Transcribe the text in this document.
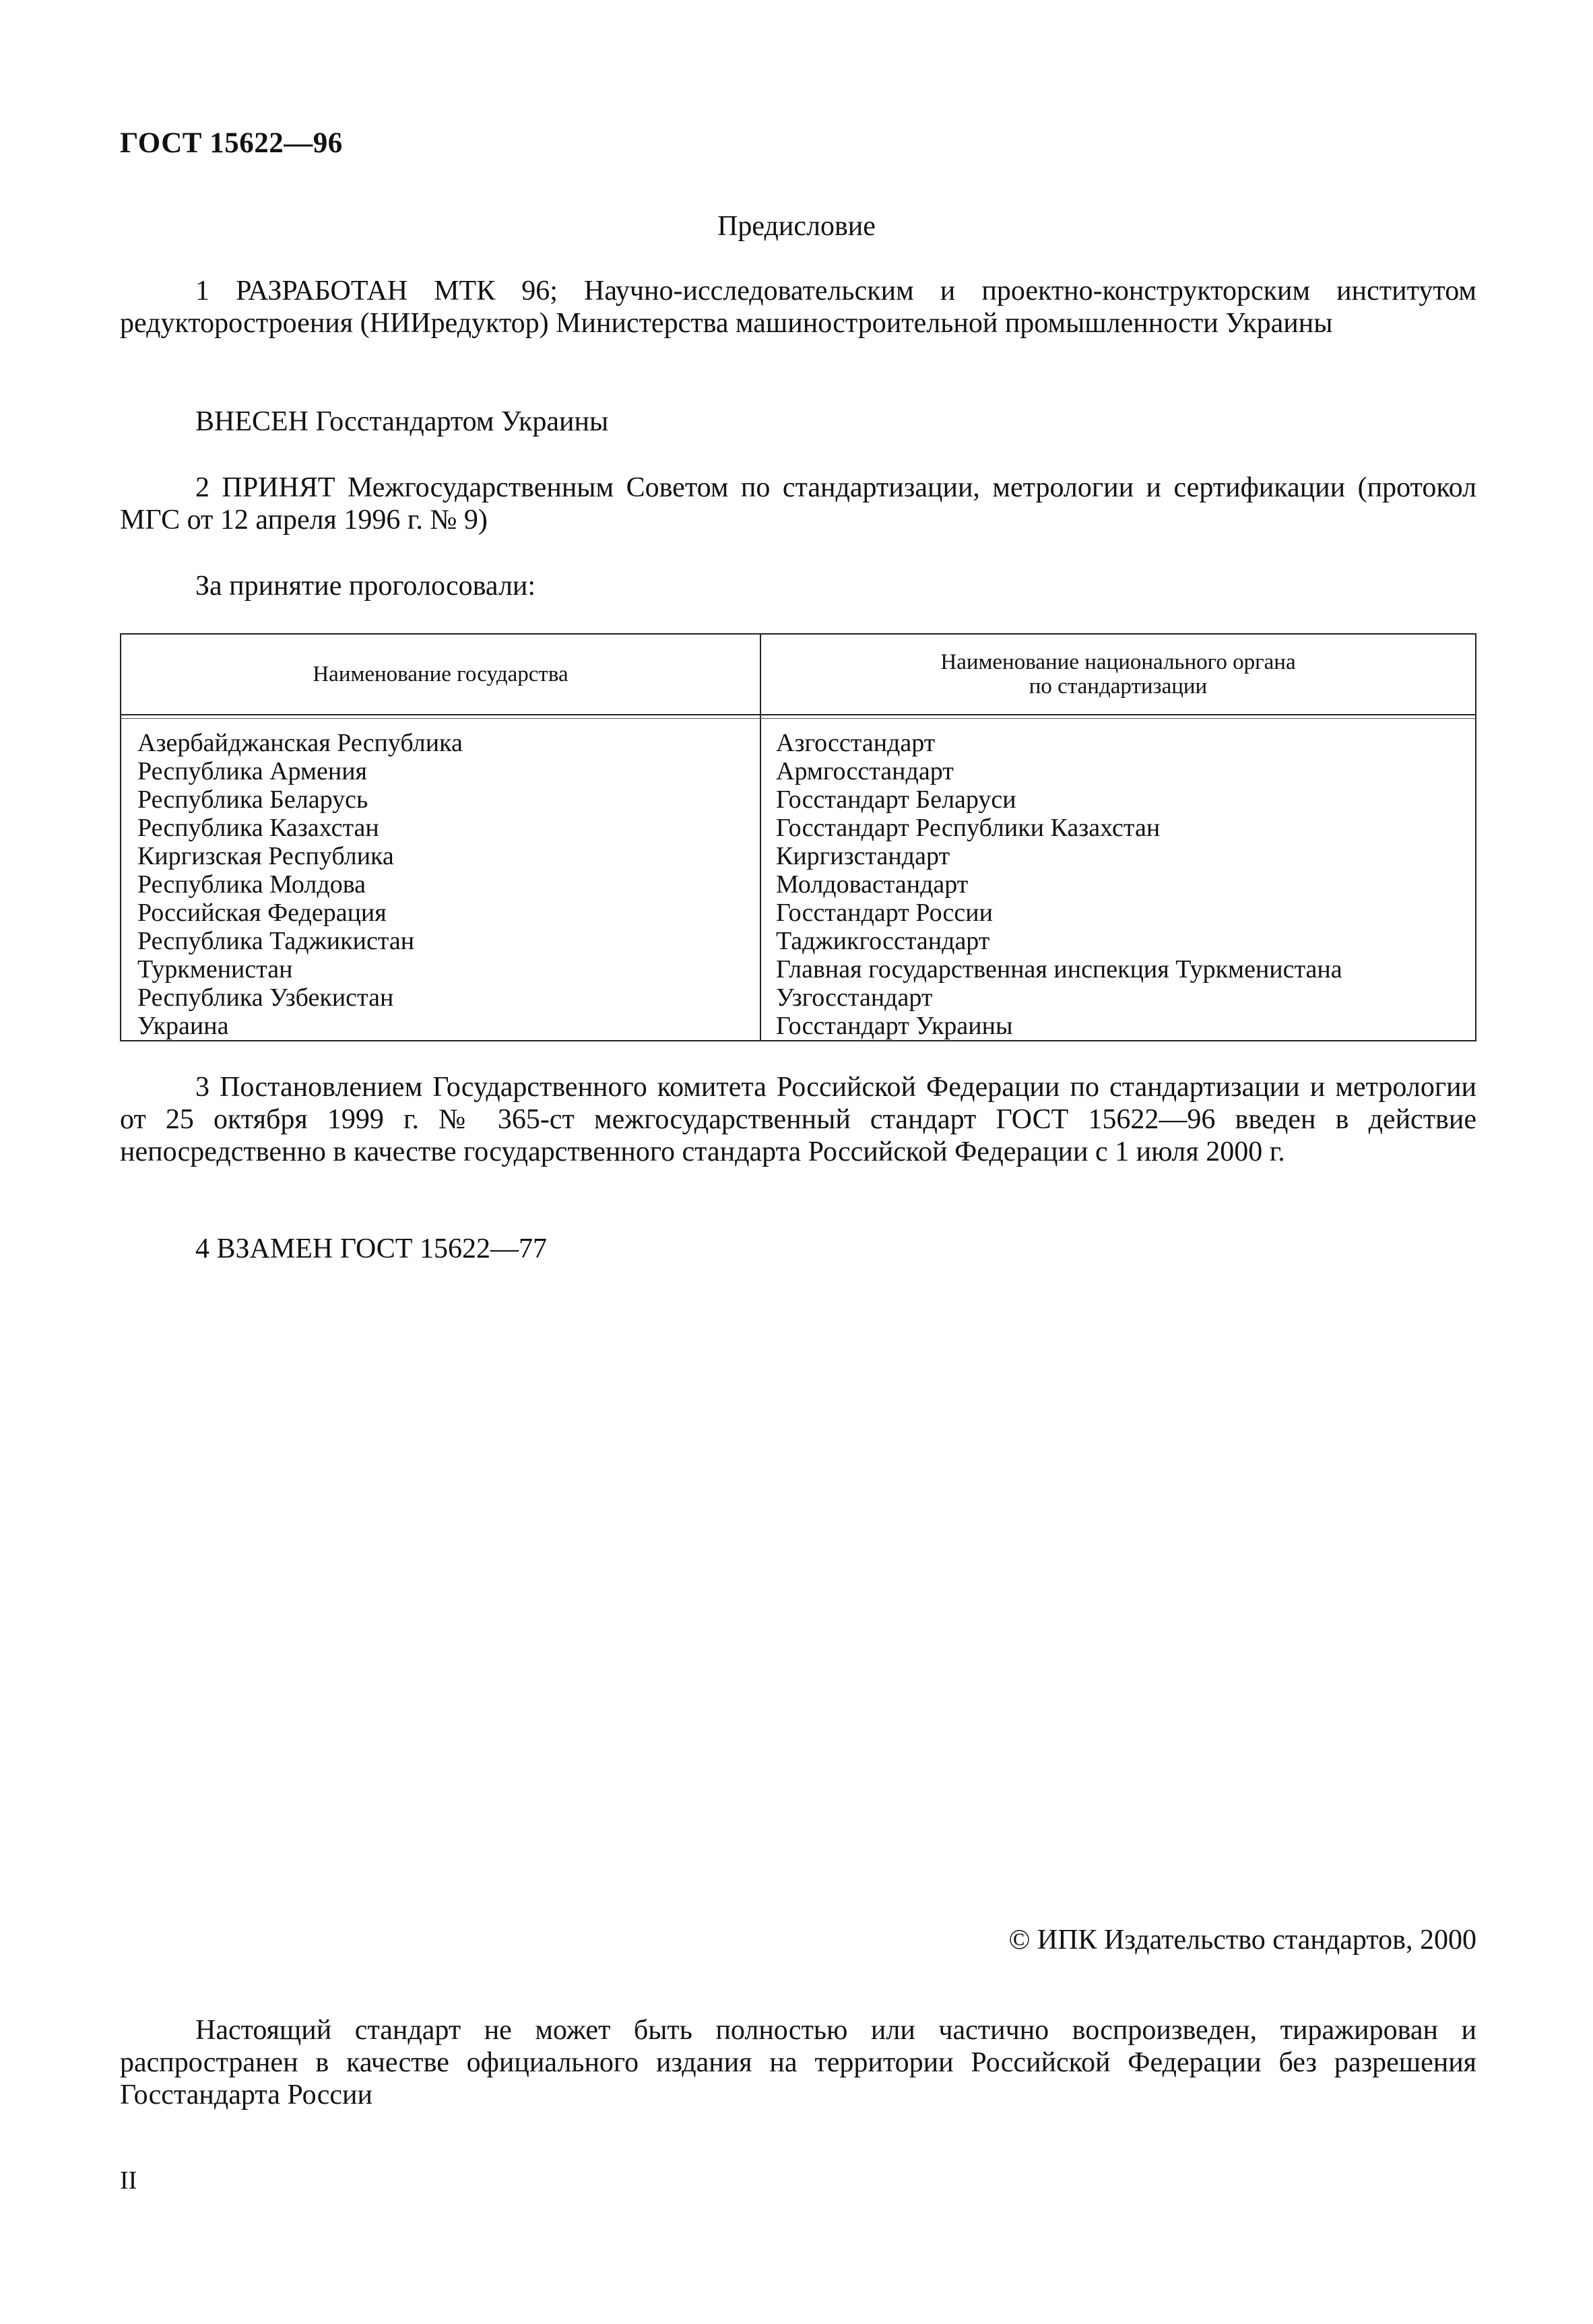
ГОСТ 15622—96
Предисловие
1 РАЗРАБОТАН МТК 96; Научно-исследовательским и проектно-конструкторским институтом редукторостроения (НИИредуктор) Министерства машиностроительной промышленности Украины
ВНЕСЕН Госстандартом Украины
2 ПРИНЯТ Межгосударственным Советом по стандартизации, метрологии и сертификации (протокол МГС от 12 апреля 1996 г. № 9)
За принятие проголосовали:
Наименование государства	Наименование национального органа
по стандартизации
Азербайджанская Республика
Республика Армения
Республика Беларусь
Республика Казахстан
Киргизская Республика
Республика Молдова
Российская Федерация
Республика Таджикистан
Туркменистан
Республика Узбекистан
Украина
Азгосстандарт
Армгосстандарт
Госстандарт Беларуси
Госстандарт Республики Казахстан
Киргизстандарт
Молдовастандарт
Госстандарт России
Таджикгосстандарт
Главная государственная инспекция Туркменистана
Узгосстандарт
Госстандарт Украины
3 Постановлением Государственного комитета Российской Федерации по стандартизации и метрологии от 25 октября 1999 г. № 365-ст межгосударственный стандарт ГОСТ 15622—96 введен в действие непосредственно в качестве государственного стандарта Российской Федерации с 1 июля 2000 г.
4 ВЗАМЕН ГОСТ 15622—77
© ИПК Издательство стандартов, 2000
Настоящий стандарт не может быть полностью или частично воспроизведен, тиражирован и распространен в качестве официального издания на территории Российской Федерации без разрешения Госстандарта России
II
